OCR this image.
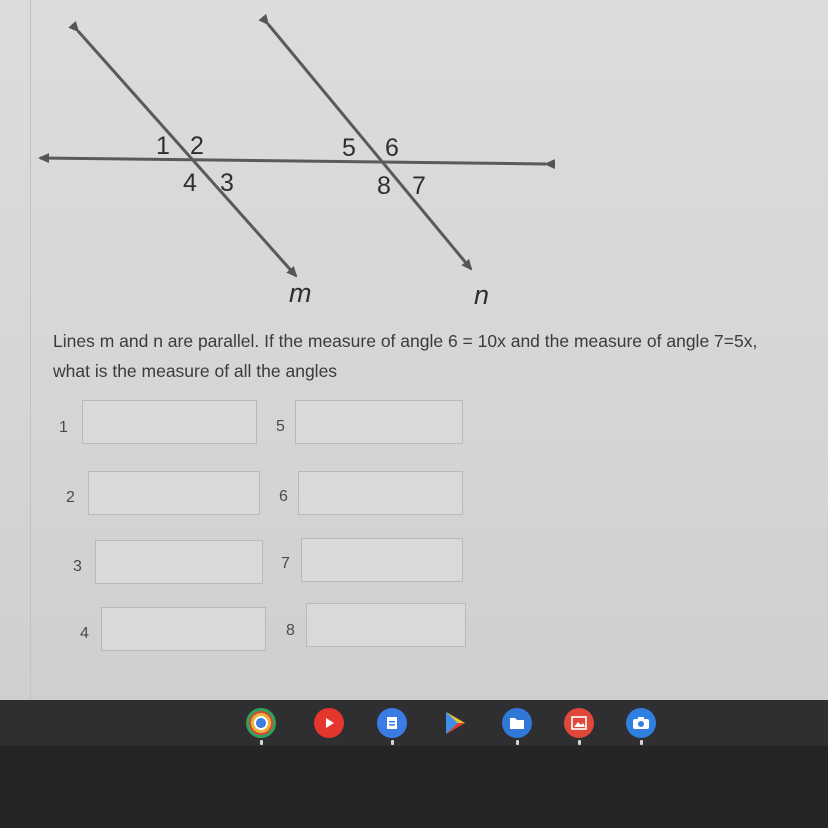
1 2
4 3
5 6
8 7
m	n
Lines m and n are parallel. If the measure of angle 6 = 10x and the measure of angle 7=5x, what is the measure of all the angles
1
2
3
4
5
6
7
8
